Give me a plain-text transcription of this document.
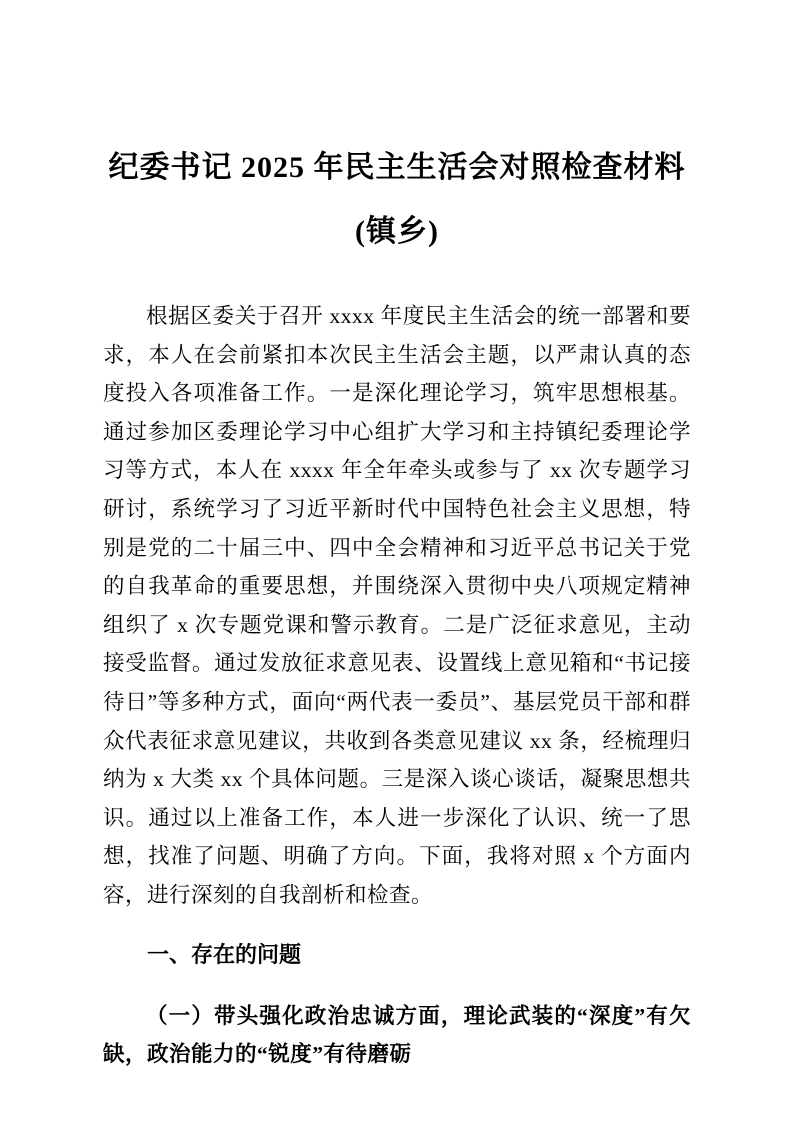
纪委书记 2025 年民主生活会对照检查材料
(镇乡)

根据区委关于召开 xxxx 年度民主生活会的统一部署和要求，本人在会前紧扣本次民主生活会主题，以严肃认真的态度投入各项准备工作。一是深化理论学习，筑牢思想根基。通过参加区委理论学习中心组扩大学习和主持镇纪委理论学习等方式，本人在 xxxx 年全年牵头或参与了 xx 次专题学习研讨，系统学习了习近平新时代中国特色社会主义思想，特别是党的二十届三中、四中全会精神和习近平总书记关于党的自我革命的重要思想，并围绕深入贯彻中央八项规定精神组织了 x 次专题党课和警示教育。二是广泛征求意见，主动接受监督。通过发放征求意见表、设置线上意见箱和“书记接待日”等多种方式，面向“两代表一委员”、基层党员干部和群众代表征求意见建议，共收到各类意见建议 xx 条，经梳理归纳为 x 大类 xx 个具体问题。三是深入谈心谈话，凝聚思想共识。通过以上准备工作，本人进一步深化了认识、统一了思想，找准了问题、明确了方向。下面，我将对照 x 个方面内容，进行深刻的自我剖析和检查。

一、存在的问题

（一）带头强化政治忠诚方面，理论武装的“深度”有欠缺，政治能力的“锐度”有待磨砺
